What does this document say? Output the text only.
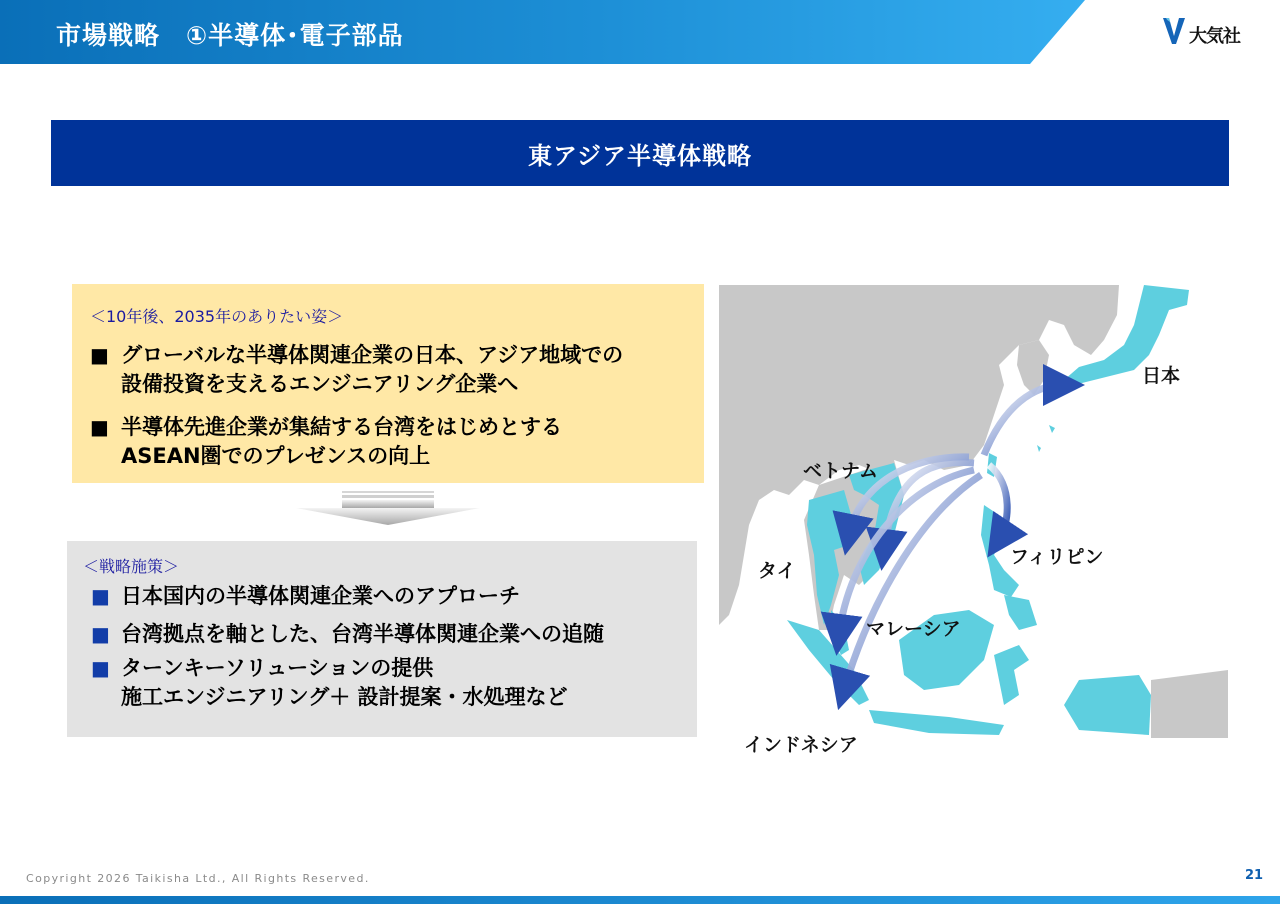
市場戦略　①半導体･電子部品	大気社
東アジア半導体戦略
＜10年後、2035年のありたい姿＞
■ グローバルな半導体関連企業の日本、アジア地域での
設備投資を支えるエンジニアリング企業へ
■ 半導体先進企業が集結する台湾をはじめとする
ASEAN圏でのプレゼンスの向上
＜戦略施策＞
■ 日本国内の半導体関連企業へのアプローチ
■ 台湾拠点を軸とした、台湾半導体関連企業への追随
■ ターンキーソリューションの提供
施工エンジニアリング＋ 設計提案・水処理など
日本
ベトナム
フィリピン
タイ
マレーシア
インドネシア
Copyright 2026 Taikisha Ltd., All Rights Reserved.	21
